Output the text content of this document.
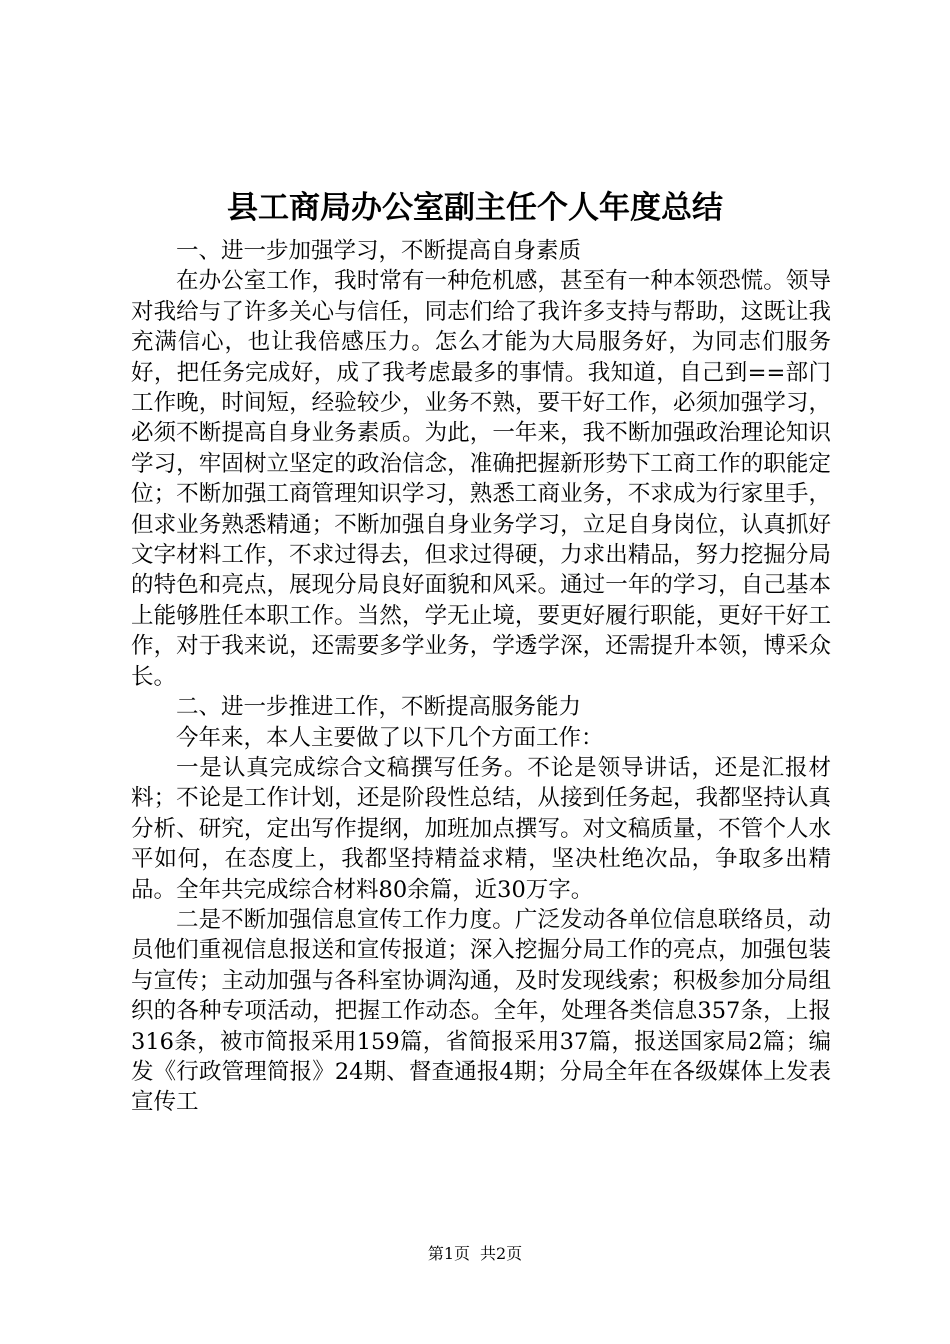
县工商局办公室副主任个人年度总结

一、进一步加强学习，不断提高自身素质

在办公室工作，我时常有一种危机感，甚至有一种本领恐慌。领导对我给与了许多关心与信任，同志们给了我许多支持与帮助，这既让我充满信心，也让我倍感压力。怎么才能为大局服务好，为同志们服务好，把任务完成好，成了我考虑最多的事情。我知道，自己到==部门工作晚，时间短，经验较少，业务不熟，要干好工作，必须加强学习，必须不断提高自身业务素质。为此，一年来，我不断加强政治理论知识学习，牢固树立坚定的政治信念，准确把握新形势下工商工作的职能定位；不断加强工商管理知识学习，熟悉工商业务，不求成为行家里手，但求业务熟悉精通；不断加强自身业务学习，立足自身岗位，认真抓好文字材料工作，不求过得去，但求过得硬，力求出精品，努力挖掘分局的特色和亮点，展现分局良好面貌和风采。通过一年的学习，自己基本上能够胜任本职工作。当然，学无止境，要更好履行职能，更好干好工作，对于我来说，还需要多学业务，学透学深，还需提升本领，博采众长。

二、进一步推进工作，不断提高服务能力

今年来，本人主要做了以下几个方面工作：

一是认真完成综合文稿撰写任务。不论是领导讲话，还是汇报材料；不论是工作计划，还是阶段性总结，从接到任务起，我都坚持认真分析、研究，定出写作提纲，加班加点撰写。对文稿质量，不管个人水平如何，在态度上，我都坚持精益求精，坚决杜绝次品，争取多出精品。全年共完成综合材料80余篇，近30万字。

二是不断加强信息宣传工作力度。广泛发动各单位信息联络员，动员他们重视信息报送和宣传报道；深入挖掘分局工作的亮点，加强包装与宣传；主动加强与各科室协调沟通，及时发现线索；积极参加分局组织的各种专项活动，把握工作动态。全年，处理各类信息357条，上报316条，被市简报采用159篇，省简报采用37篇，报送国家局2篇；编发《行政管理简报》24期、督查通报4期；分局全年在各级媒体上发表宣传工

第1页 共2页
